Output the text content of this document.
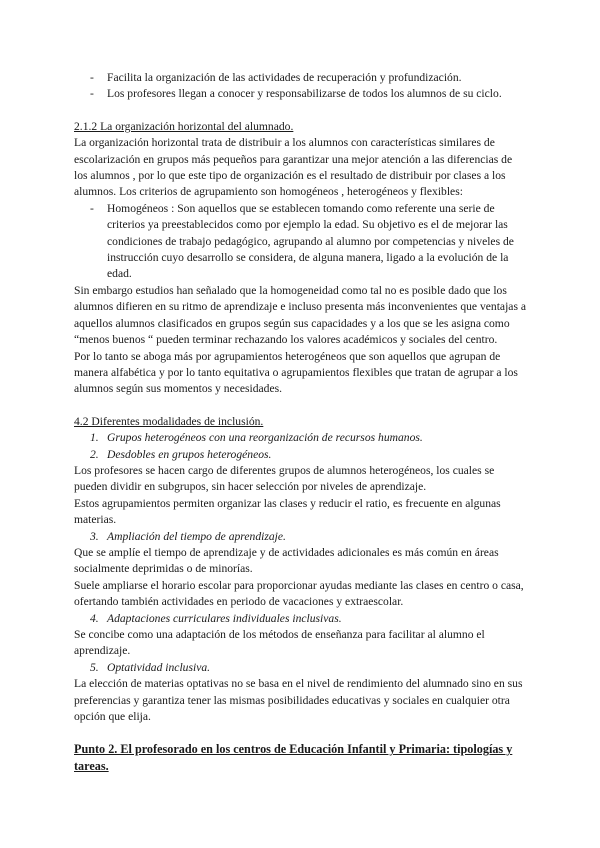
- Facilita la organización de las actividades de recuperación y profundización.
- Los profesores llegan a conocer y responsabilizarse de todos los alumnos de su ciclo.

2.1.2 La organización horizontal del alumnado.

La organización horizontal trata de distribuir a los alumnos con características similares de escolarización en grupos más pequeños para garantizar una mejor atención a las diferencias de los alumnos , por lo que este tipo de organización es el resultado de distribuir por clases a los alumnos. Los criterios de agrupamiento son homogéneos , heterogéneos y flexibles:

- Homogéneos : Son aquellos que se establecen tomando como referente una serie de criterios ya preestablecidos como por ejemplo la edad. Su objetivo es el de mejorar las condiciones de trabajo pedagógico, agrupando al alumno por competencias y niveles de instrucción cuyo desarrollo se considera, de alguna manera, ligado a la evolución de la edad.

Sin embargo estudios han señalado que la homogeneidad como tal no es posible dado que los alumnos difieren en su ritmo de aprendizaje e incluso presenta más inconvenientes que ventajas a aquellos alumnos clasificados en grupos según sus capacidades y a los que se les asigna como “menos buenos “ pueden terminar rechazando los valores académicos y sociales del centro.

Por lo tanto se aboga más por agrupamientos heterogéneos que son aquellos que agrupan de manera alfabética y por lo tanto equitativa o agrupamientos flexibles que tratan de agrupar a los alumnos según sus momentos y necesidades.

4.2 Diferentes modalidades de inclusión.

1. Grupos heterogéneos con una reorganización de recursos humanos.
2. Desdobles en grupos heterogéneos.

Los profesores se hacen cargo de diferentes grupos de alumnos heterogéneos, los cuales se pueden dividir en subgrupos, sin hacer selección por niveles de aprendizaje.

Estos agrupamientos permiten organizar las clases y reducir el ratio, es frecuente en algunas materias.

3. Ampliación del tiempo de aprendizaje.

Que se amplíe el tiempo de aprendizaje y de actividades adicionales es más común en áreas socialmente deprimidas o de minorías.

Suele ampliarse el horario escolar para proporcionar ayudas mediante las clases en centro o casa, ofertando también actividades en periodo de vacaciones y extraescolar.

4. Adaptaciones curriculares individuales inclusivas.

Se concibe como una adaptación de los métodos de enseñanza para facilitar al alumno el aprendizaje.

5. Optatividad inclusiva.

La elección de materias optativas no se basa en el nivel de rendimiento del alumnado sino en sus preferencias y garantiza tener las mismas posibilidades educativas y sociales en cualquier otra opción que elija.

Punto 2. El profesorado en los centros de Educación Infantil y Primaria: tipologías y tareas.
